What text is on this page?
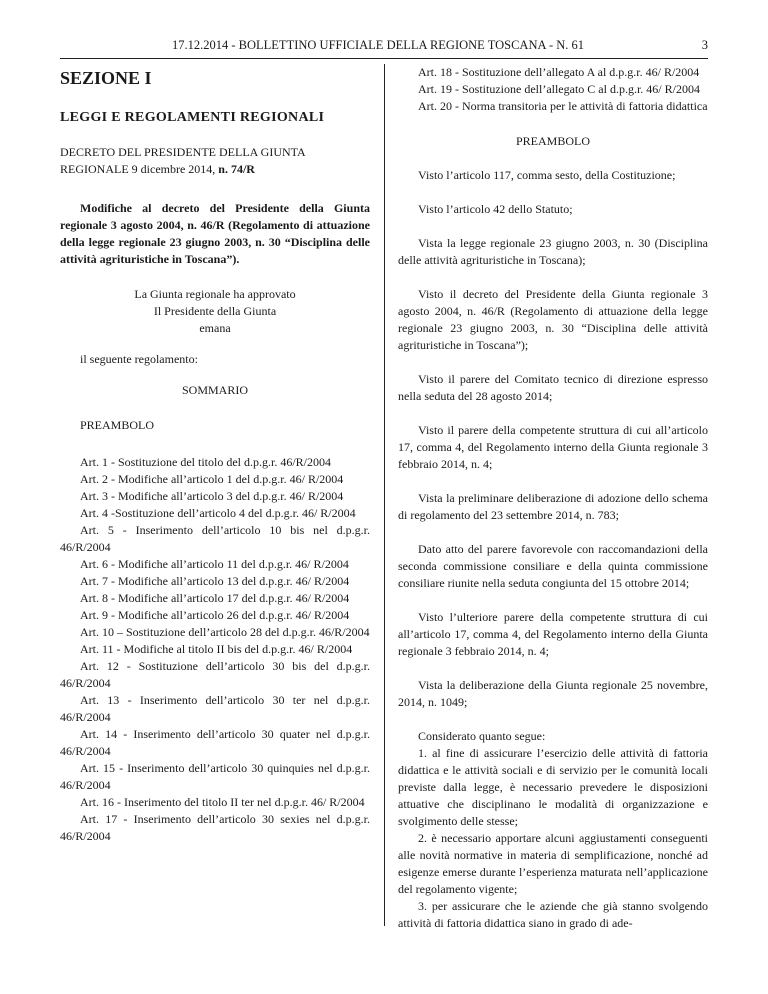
17.12.2014 - BOLLETTINO UFFICIALE DELLA REGIONE TOSCANA - N. 61	3

SEZIONE I

LEGGI E REGOLAMENTI REGIONALI

DECRETO DEL PRESIDENTE DELLA GIUNTA
REGIONALE 9 dicembre 2014, n. 74/R

Modifiche al decreto del Presidente della Giunta regionale 3 agosto 2004, n. 46/R (Regolamento di attuazione della legge regionale 23 giugno 2003, n. 30 “Disciplina delle attività agrituristiche in Toscana”).

La Giunta regionale ha approvato

Il Presidente della Giunta

emana

il seguente regolamento:

SOMMARIO

PREAMBOLO

Art. 1 - Sostituzione del titolo del d.p.g.r. 46/R/2004
Art. 2 - Modifiche all’articolo 1 del d.p.g.r. 46/ R/2004
Art. 3 - Modifiche all’articolo 3 del d.p.g.r. 46/ R/2004
Art. 4 -Sostituzione dell’articolo 4 del d.p.g.r. 46/ R/2004
Art. 5 - Inserimento dell’articolo 10 bis nel d.p.g.r. 46/R/2004
Art. 6 - Modifiche all’articolo 11 del d.p.g.r. 46/ R/2004
Art. 7 - Modifiche all’articolo 13 del d.p.g.r. 46/ R/2004
Art. 8 - Modifiche all’articolo 17 del d.p.g.r. 46/ R/2004
Art. 9 - Modifiche all’articolo 26 del d.p.g.r. 46/ R/2004
Art. 10 – Sostituzione dell’articolo 28 del d.p.g.r. 46/R/2004
Art. 11 - Modifiche al titolo II bis del d.p.g.r. 46/ R/2004
Art. 12 - Sostituzione dell’articolo 30 bis del d.p.g.r. 46/R/2004
Art. 13 - Inserimento dell’articolo 30 ter nel d.p.g.r. 46/R/2004
Art. 14 - Inserimento dell’articolo 30 quater nel d.p.g.r. 46/R/2004
Art. 15 - Inserimento dell’articolo 30 quinquies nel d.p.g.r. 46/R/2004
Art. 16 - Inserimento del titolo II ter nel d.p.g.r. 46/ R/2004
Art. 17 - Inserimento dell’articolo 30 sexies nel d.p.g.r. 46/R/2004
Art. 18 - Sostituzione dell’allegato A al d.p.g.r. 46/ R/2004
Art. 19 - Sostituzione dell’allegato C al d.p.g.r. 46/ R/2004
Art. 20 - Norma transitoria per le attività di fattoria didattica

PREAMBOLO

Visto l’articolo 117, comma sesto, della Costituzione;

Visto l’articolo 42 dello Statuto;

Vista la legge regionale 23 giugno 2003, n. 30 (Disciplina delle attività agrituristiche in Toscana);

Visto il decreto del Presidente della Giunta regionale 3 agosto 2004, n. 46/R (Regolamento di attuazione della legge regionale 23 giugno 2003, n. 30 “Disciplina delle attività agrituristiche in Toscana”);

Visto il parere del Comitato tecnico di direzione espresso nella seduta del 28 agosto 2014;

Visto il parere della competente struttura di cui all’articolo 17, comma 4, del Regolamento interno della Giunta regionale 3 febbraio 2014, n. 4;

Vista la preliminare deliberazione di adozione dello schema di regolamento del 23 settembre 2014, n. 783;

Dato atto del parere favorevole con raccomandazioni della seconda commissione consiliare e della quinta commissione consiliare riunite nella seduta congiunta del 15 ottobre 2014;

Visto l’ulteriore parere della competente struttura di cui all’articolo 17, comma 4, del Regolamento interno della Giunta regionale 3 febbraio 2014, n. 4;

Vista la deliberazione della Giunta regionale 25 novembre, 2014, n. 1049;

Considerato quanto segue:

1. al fine di assicurare l’esercizio delle attività di fattoria didattica e le attività sociali e di servizio per le comunità locali previste dalla legge, è necessario prevedere le disposizioni attuative che disciplinano le modalità di organizzazione e svolgimento delle stesse;

2. è necessario apportare alcuni aggiustamenti conseguenti alle novità normative in materia di semplificazione, nonché ad esigenze emerse durante l’esperienza maturata nell’applicazione del regolamento vigente;

3. per assicurare che le aziende che già stanno svolgendo attività di fattoria didattica siano in grado di ade-
